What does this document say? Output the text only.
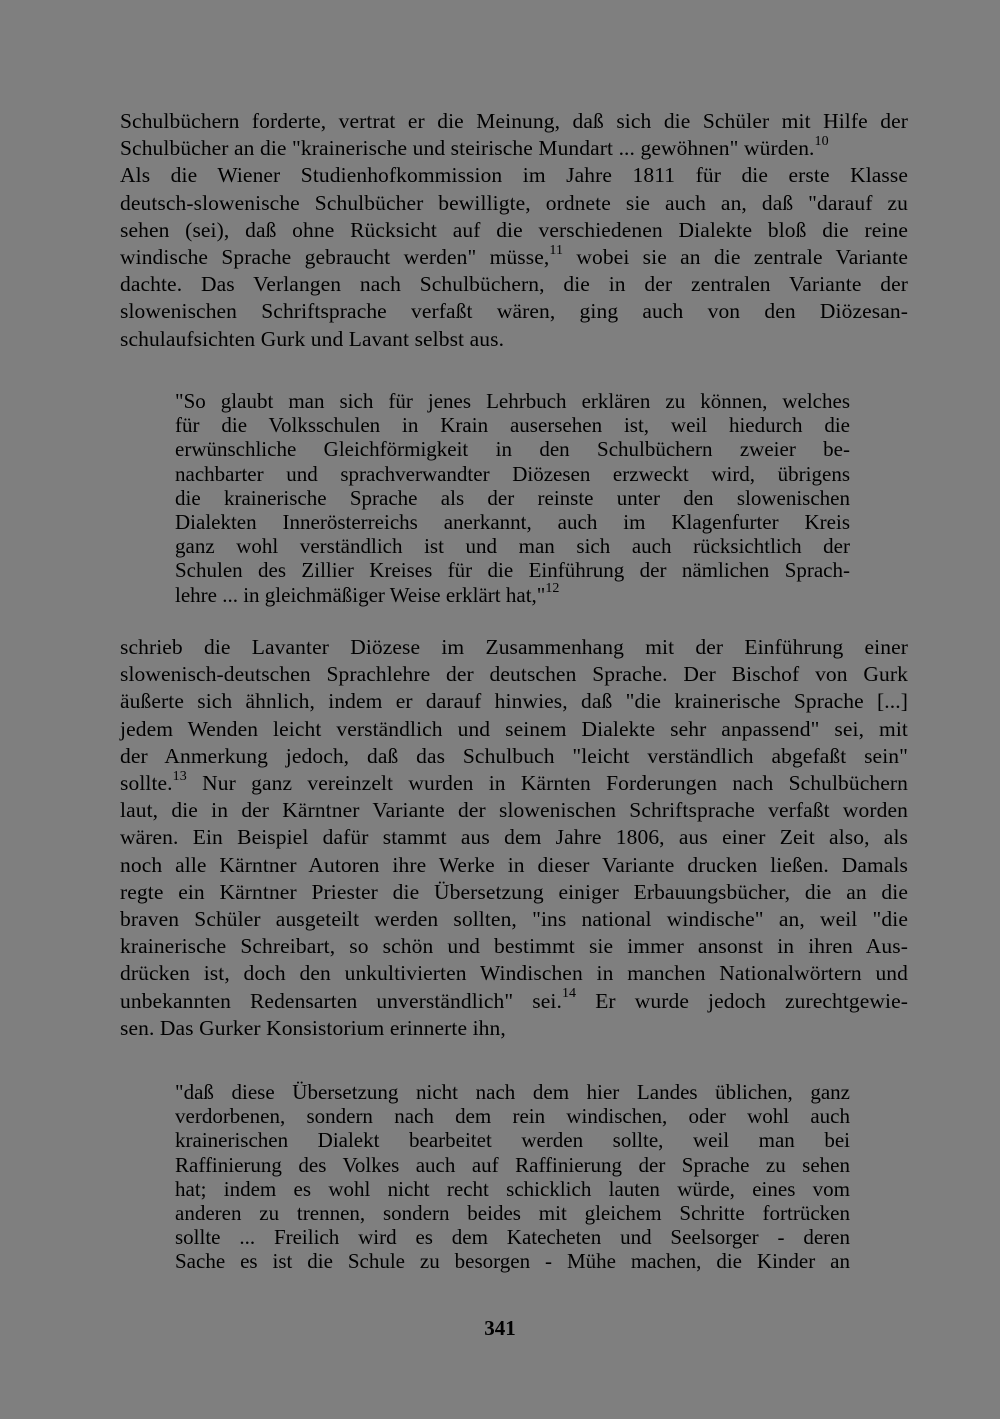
Schulbüchern forderte, vertrat er die Meinung, daß sich die Schüler mit Hilfe der
Schulbücher an die "krainerische und steirische Mundart ... gewöhnen" würden.$^{10}$
Als die Wiener Studienhofkommission im Jahre 1811 für die erste Klasse
deutsch-slowenische Schulbücher bewilligte, ordnete sie auch an, daß "darauf zu
sehen (sei), daß ohne Rücksicht auf die verschiedenen Dialekte bloß die reine
windische Sprache gebraucht werden" müsse,$^{11}$ wobei sie an die zentrale Variante
dachte. Das Verlangen nach Schulbüchern, die in der zentralen Variante der
slowenischen Schriftsprache verfaßt wären, ging auch von den Diözesan-
schulaufsichten Gurk und Lavant selbst aus.
"So glaubt man sich für jenes Lehrbuch erklären zu können, welches
für die Volksschulen in Krain ausersehen ist, weil hiedurch die
erwünschliche Gleichförmigkeit in den Schulbüchern zweier be-
nachbarter und sprachverwandter Diözesen erzweckt wird, übrigens
die krainerische Sprache als der reinste unter den slowenischen
Dialekten Innerösterreichs anerkannt, auch im Klagenfurter Kreis
ganz wohl verständlich ist und man sich auch rücksichtlich der
Schulen des Zillier Kreises für die Einführung der nämlichen Sprach-
lehre ... in gleichmäßiger Weise erklärt hat,"$^{12}$
schrieb die Lavanter Diözese im Zusammenhang mit der Einführung einer
slowenisch-deutschen Sprachlehre der deutschen Sprache. Der Bischof von Gurk
äußerte sich ähnlich, indem er darauf hinwies, daß "die krainerische Sprache [...]
jedem Wenden leicht verständlich und seinem Dialekte sehr anpassend" sei, mit
der Anmerkung jedoch, daß das Schulbuch "leicht verständlich abgefaßt sein"
sollte.$^{13}$ Nur ganz vereinzelt wurden in Kärnten Forderungen nach Schulbüchern
laut, die in der Kärntner Variante der slowenischen Schriftsprache verfaßt worden
wären. Ein Beispiel dafür stammt aus dem Jahre 1806, aus einer Zeit also, als
noch alle Kärntner Autoren ihre Werke in dieser Variante drucken ließen. Damals
regte ein Kärntner Priester die Übersetzung einiger Erbauungsbücher, die an die
braven Schüler ausgeteilt werden sollten, "ins national windische" an, weil "die
krainerische Schreibart, so schön und bestimmt sie immer ansonst in ihren Aus-
drücken ist, doch den unkultivierten Windischen in manchen Nationalwörtern und
unbekannten Redensarten unverständlich" sei.$^{14}$ Er wurde jedoch zurechtgewie-
sen. Das Gurker Konsistorium erinnerte ihn,
"daß diese Übersetzung nicht nach dem hier Landes üblichen, ganz
verdorbenen, sondern nach dem rein windischen, oder wohl auch
krainerischen Dialekt bearbeitet werden sollte, weil man bei
Raffinierung des Volkes auch auf Raffinierung der Sprache zu sehen
hat; indem es wohl nicht recht schicklich lauten würde, eines vom
anderen zu trennen, sondern beides mit gleichem Schritte fortrücken
sollte ... Freilich wird es dem Katecheten und Seelsorger - deren
Sache es ist die Schule zu besorgen - Mühe machen, die Kinder an
341
